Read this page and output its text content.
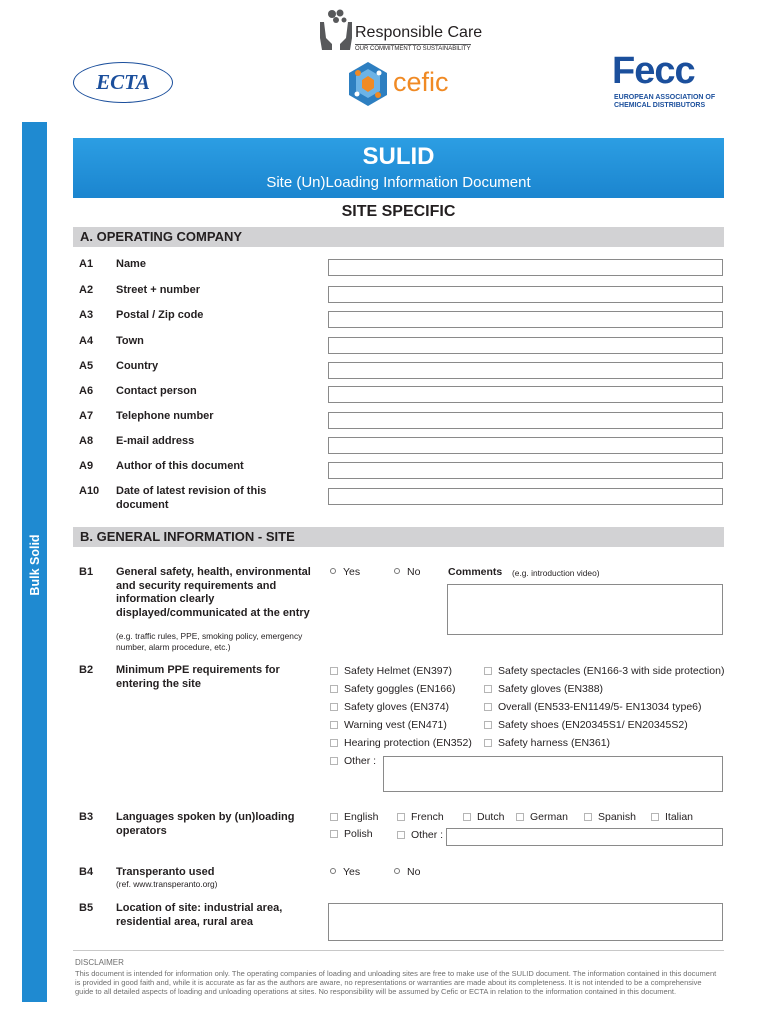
Responsible Care
OUR COMMITMENT TO SUSTAINABILITY
ECTA	cefic	Fecc
EUROPEAN ASSOCIATION OF
CHEMICAL DISTRIBUTORS
Bulk Solid
SULID
Site (Un)Loading Information Document
SITE SPECIFIC
A. OPERATING COMPANY
A1 Name
A2 Street + number
A3 Postal / Zip code
A4 Town
A5 Country
A6 Contact person
A7 Telephone number
A8 E-mail address
A9 Author of this document
A10 Date of latest revision of this document
B. GENERAL INFORMATION - SITE
B1 General safety, health, environmental and security requirements and information clearly displayed/communicated at the entry
(e.g. traffic rules, PPE, smoking policy, emergency number, alarm procedure, etc.)
Yes	No	Comments (e.g. introduction video)
B2 Minimum PPE requirements for entering the site
Safety Helmet (EN397)
Safety goggles (EN166)
Safety gloves (EN374)
Warning vest (EN471)
Hearing protection (EN352)
Safety spectacles (EN166-3 with side protection)
Safety gloves (EN388)
Overall (EN533-EN1149/5- EN13034 type6)
Safety shoes (EN20345S1/ EN20345S2)
Safety harness (EN361)
Other :
B3 Languages spoken by (un)loading operators
English	French	Dutch	German	Spanish	Italian
Polish	Other :
B4 Transperanto used
(ref. www.transperanto.org)
Yes	No
B5 Location of site: industrial area, residential area, rural area
DISCLAIMER
This document is intended for information only. The operating companies of loading and unloading sites are free to make use of the SULID document. The information contained in this document is provided in good faith and, while it is accurate as far as the authors are aware, no representations or warranties are made about its completeness. It is not intended to be a comprehensive guide to all detailed aspects of loading and unloading operations at sites. No responsibility will be assumed by Cefic or ECTA in relation to the information contained in this document.
